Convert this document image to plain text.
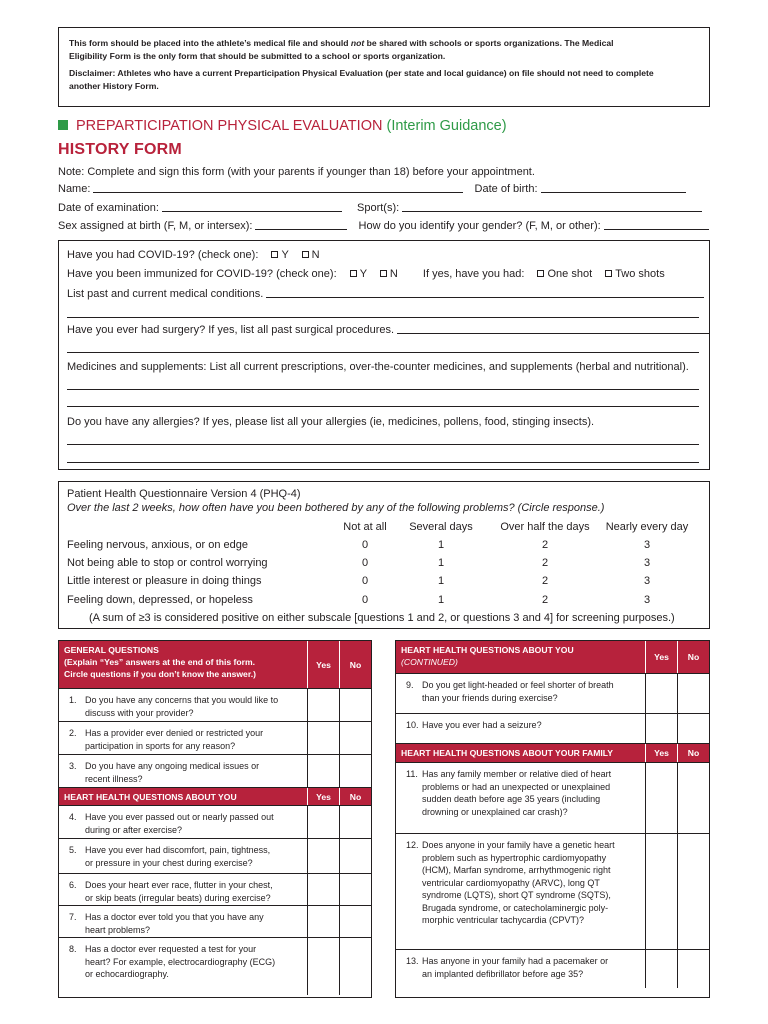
This form should be placed into the athlete’s medical file and should not be shared with schools or sports organizations. The Medical
Eligibility Form is the only form that should be submitted to a school or sports organization.

Disclaimer: Athletes who have a current Preparticipation Physical Evaluation (per state and local guidance) on file should not need to complete
another History Form.

PREPARTICIPATION PHYSICAL EVALUATION (Interim Guidance)
HISTORY FORM
Note: Complete and sign this form (with your parents if younger than 18) before your appointment.
Name:	Date of birth:
Date of examination:	Sport(s):
Sex assigned at birth (F, M, or intersex):	How do you identify your gender? (F, M, or other):
Have you had COVID-19? (check one): Y N
Have you been immunized for COVID-19? (check one): Y N If yes, have you had: One shot Two shots
List past and current medical conditions.
Have you ever had surgery? If yes, list all past surgical procedures.
Medicines and supplements: List all current prescriptions, over-the-counter medicines, and supplements (herbal and nutritional).
Do you have any allergies? If yes, please list all your allergies (ie, medicines, pollens, food, stinging insects).
Patient Health Questionnaire Version 4 (PHQ-4)
Over the last 2 weeks, how often have you been bothered by any of the following problems? (Circle response.)
Not at all	Several days	Over half the days	Nearly every day
Feeling nervous, anxious, or on edge	0	1	2	3
Not being able to stop or control worrying	0	1	2	3
Little interest or pleasure in doing things	0	1	2	3
Feeling down, depressed, or hopeless	0	1	2	3
(A sum of ≥3 is considered positive on either subscale [questions 1 and 2, or questions 3 and 4] for screening purposes.)
GENERAL QUESTIONS
(Explain “Yes” answers at the end of this form.
Circle questions if you don’t know the answer.)
Yes	No
1. Do you have any concerns that you would like to
discuss with your provider?
2. Has a provider ever denied or restricted your
participation in sports for any reason?
3. Do you have any ongoing medical issues or
recent illness?
HEART HEALTH QUESTIONS ABOUT YOU	Yes	No
4. Have you ever passed out or nearly passed out
during or after exercise?
5. Have you ever had discomfort, pain, tightness,
or pressure in your chest during exercise?
6. Does your heart ever race, flutter in your chest,
or skip beats (irregular beats) during exercise?
7. Has a doctor ever told you that you have any
heart problems?
8. Has a doctor ever requested a test for your
heart? For example, electrocardiography (ECG)
or echocardiography.
HEART HEALTH QUESTIONS ABOUT YOU
(CONTINUED)	Yes	No
9. Do you get light-headed or feel shorter of breath
than your friends during exercise?
10. Have you ever had a seizure?
HEART HEALTH QUESTIONS ABOUT YOUR FAMILY	Yes	No
11. Has any family member or relative died of heart
problems or had an unexpected or unexplained
sudden death before age 35 years (including
drowning or unexplained car crash)?
12. Does anyone in your family have a genetic heart
problem such as hypertrophic cardiomyopathy
(HCM), Marfan syndrome, arrhythmogenic right
ventricular cardiomyopathy (ARVC), long QT
syndrome (LQTS), short QT syndrome (SQTS),
Brugada syndrome, or catecholaminergic poly-
morphic ventricular tachycardia (CPVT)?
13. Has anyone in your family had a pacemaker or
an implanted defibrillator before age 35?
